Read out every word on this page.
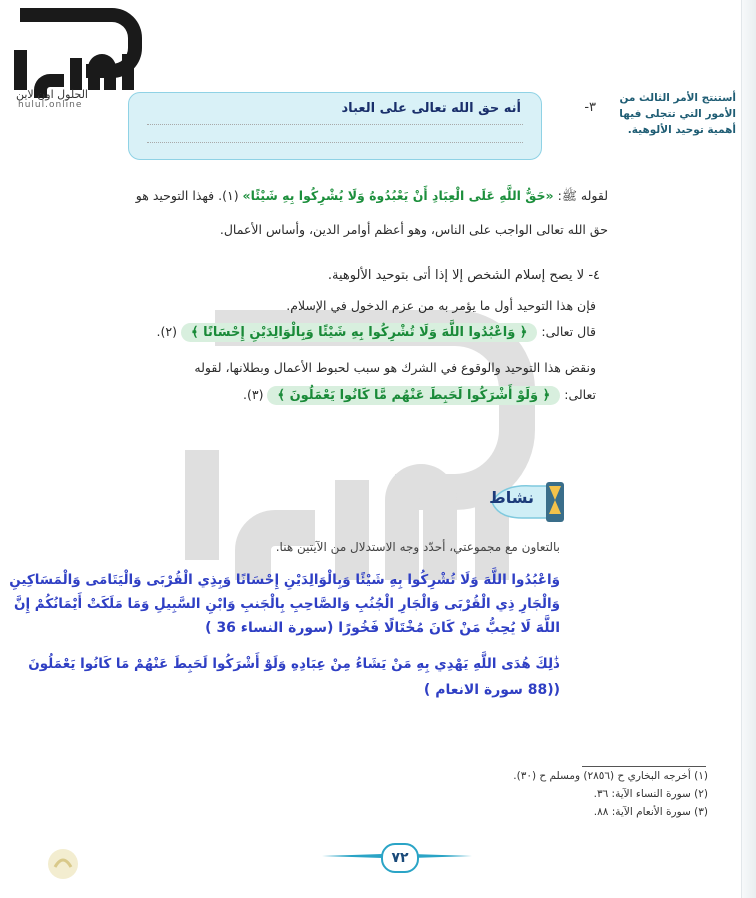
الحلول اون لاين
hulul.online
أستنتج الأمر الثالث من الأمور التي تتجلى فيها أهمية توحيد الألوهية.
٣-
أنه حق الله تعالى على العباد
لقوله ﷺ: «حَقُّ اللَّهِ عَلَى الْعِبَادِ أَنْ يَعْبُدُوهُ وَلَا يُشْرِكُوا بِهِ شَيْئًا» (١). فهذا التوحيد هو
حق الله تعالى الواجب على الناس، وهو أعظم أوامر الدين، وأساس الأعمال.
٤- لا يصح إسلام الشخص إلا إذا أتى بتوحيد الألوهية.
فإن هذا التوحيد أول ما يؤمر به من عزم الدخول في الإسلام.
قال تعالى: ﴿ وَاعْبُدُوا اللَّهَ وَلَا تُشْرِكُوا بِهِ شَيْئًا وَبِالْوَالِدَيْنِ إِحْسَانًا ﴾ (٢).
ونقض هذا التوحيد والوقوع في الشرك هو سبب لحبوط الأعمال وبطلانها، لقوله
تعالى: ﴿ وَلَوْ أَشْرَكُوا لَحَبِطَ عَنْهُم مَّا كَانُوا يَعْمَلُونَ ﴾ (٣).
نشاط
بالتعاون مع مجموعتي، أحدّد وجه الاستدلال من الآيتين هنا.
وَاعْبُدُوا اللَّهَ وَلَا تُشْرِكُوا بِهِ شَيْئًا وَبِالْوَالِدَيْنِ إِحْسَانًا وَبِذِي الْقُرْبَى وَالْيَتَامَى وَالْمَسَاكِينِ
وَالْجَارِ ذِي الْقُرْبَى وَالْجَارِ الْجُنُبِ وَالصَّاحِبِ بِالْجَنبِ وَابْنِ السَّبِيلِ وَمَا مَلَكَتْ أَيْمَانُكُمْ إِنَّ
اللَّهَ لَا يُحِبُّ مَنْ كَانَ مُخْتَالًا فَخُورًا (سورة النساء 36 )
ذَٰلِكَ هُدَى اللَّهِ يَهْدِي بِهِ مَنْ يَشَاءُ مِنْ عِبَادِهِ وَلَوْ أَشْرَكُوا لَحَبِطَ عَنْهُمْ مَا كَانُوا يَعْمَلُونَ
((88 سورة الانعام )
(١) أخرجه البخاري ح (٢٨٥٦) ومسلم ح (٣٠).
(٢) سورة النساء الآية: ٣٦.
(٣) سورة الأنعام الآية: ٨٨.
٧٢
